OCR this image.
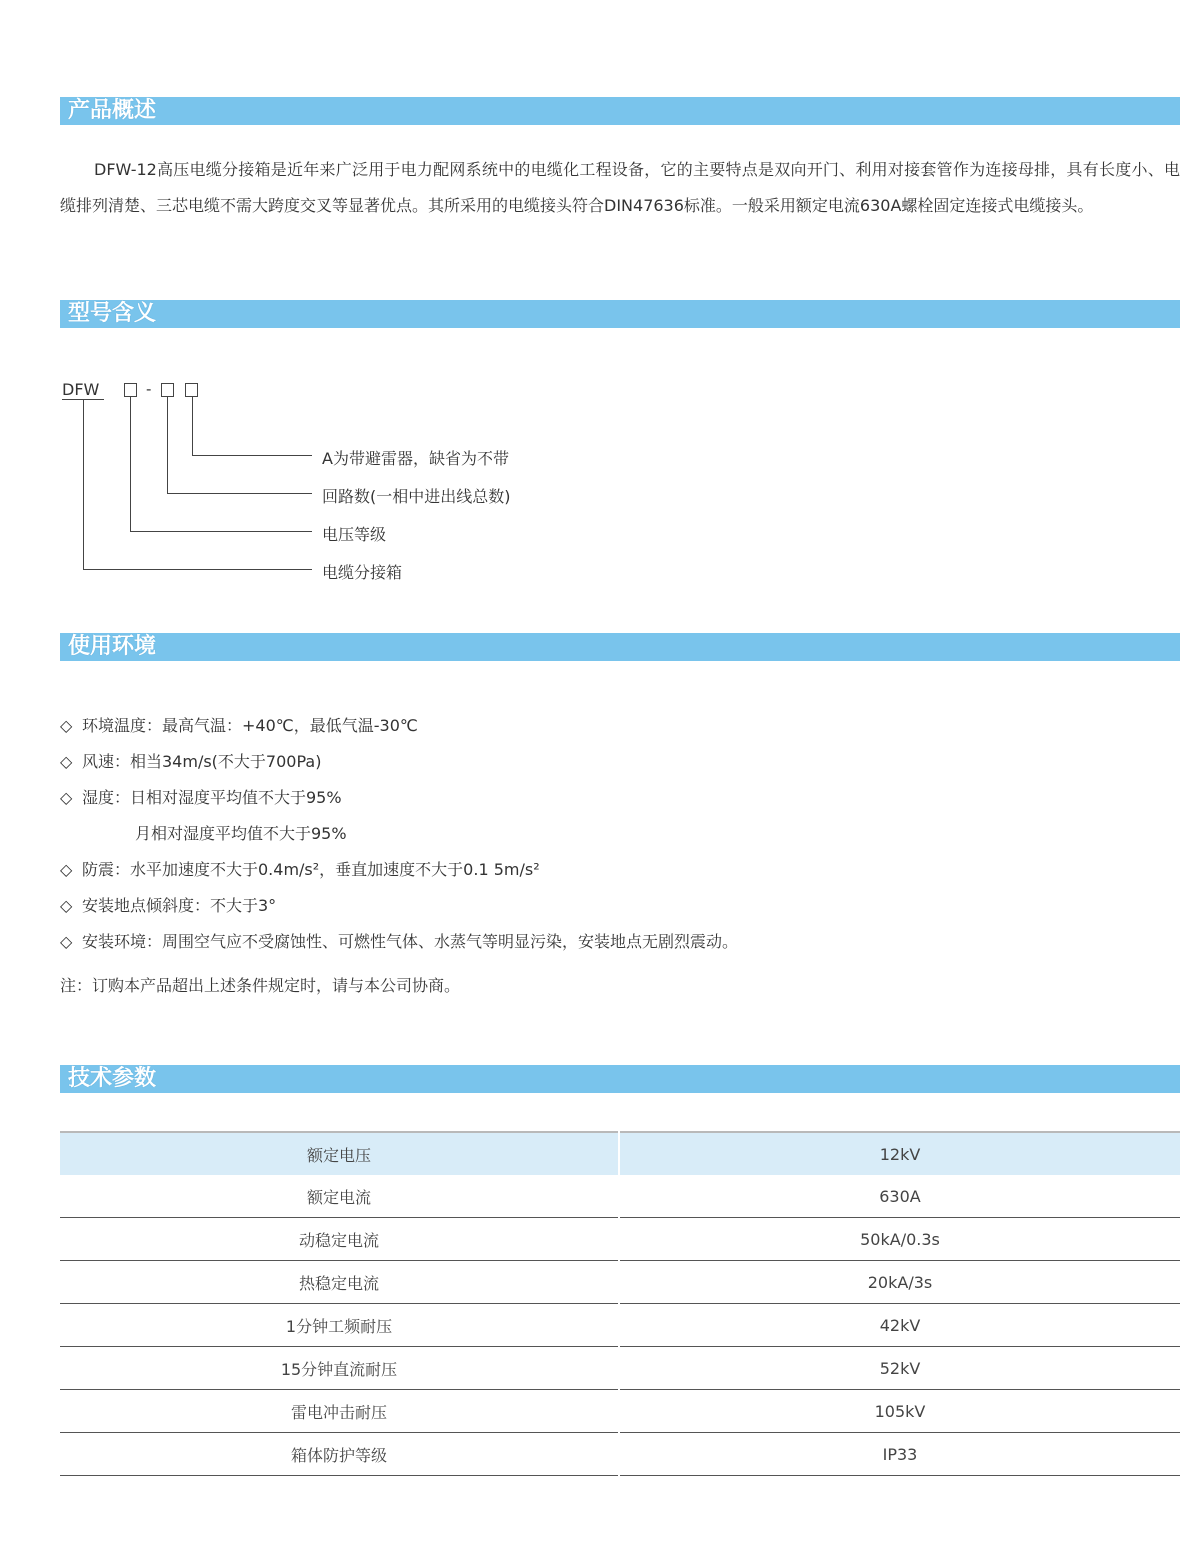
产品概述
DFW-12高压电缆分接箱是近年来广泛用于电力配网系统中的电缆化工程设备，它的主要特点是双向开门、利用对接套管作为连接母排，具有长度小、电缆排列清楚、三芯电缆不需大跨度交叉等显著优点。其所采用的电缆接头符合DIN47636标准。一般采用额定电流630A螺栓固定连接式电缆接头。
型号含义
DFW	-
A为带避雷器，缺省为不带
回路数(一相中进出线总数)
电压等级
电缆分接箱
使用环境
◇ 环境温度：最高气温：+40℃，最低气温-30℃
◇ 风速：相当34m/s(不大于700Pa)
◇ 湿度：日相对湿度平均值不大于95%
月相对湿度平均值不大于95%
◇ 防震：水平加速度不大于0.4m/s²，垂直加速度不大于0.1 5m/s²
◇ 安装地点倾斜度：不大于3°
◇ 安装环境：周围空气应不受腐蚀性、可燃性气体、水蒸气等明显污染，安装地点无剧烈震动。
注：订购本产品超出上述条件规定时，请与本公司协商。
技术参数
额定电压	12kV
额定电流	630A
动稳定电流	50kA/0.3s
热稳定电流	20kA/3s
1分钟工频耐压	42kV
15分钟直流耐压	52kV
雷电冲击耐压	105kV
箱体防护等级	IP33
